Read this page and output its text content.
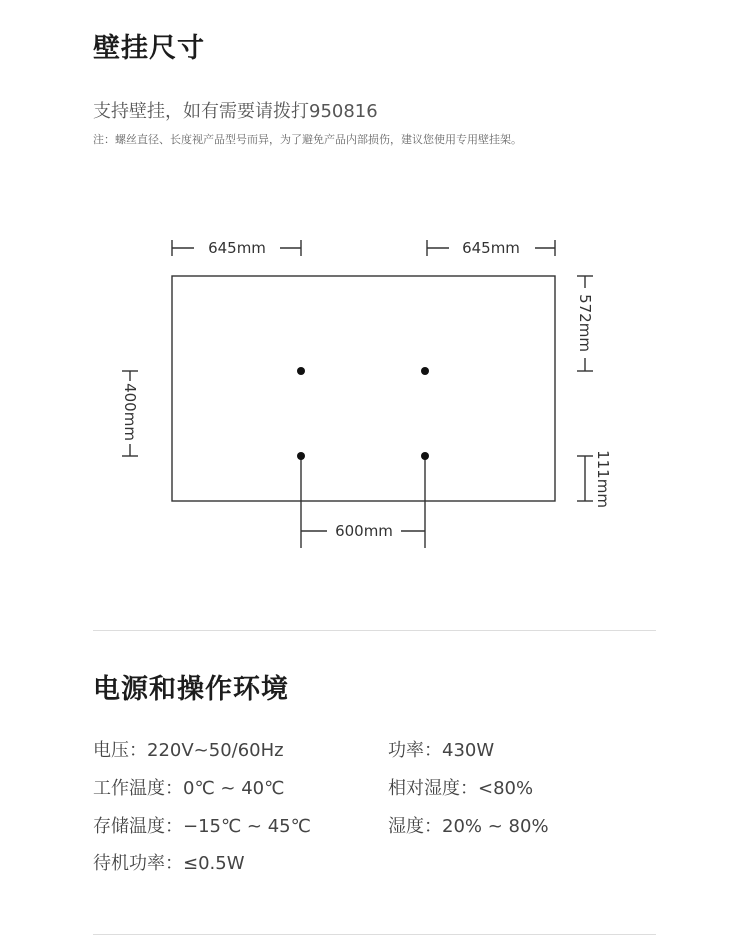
壁挂尺寸
支持壁挂，如有需要请拨打950816
注：螺丝直径、长度视产品型号而异，为了避免产品内部损伤，建议您使用专用壁挂架。
645mm	645mm
600mm
572mm
400mm
111mm
电源和操作环境
电压：220V~50/60Hz
工作温度：0℃ ~ 40℃
存储温度：−15℃ ~ 45℃
待机功率：≤0.5W
功率：430W
相对湿度：<80%
湿度：20% ~ 80%
